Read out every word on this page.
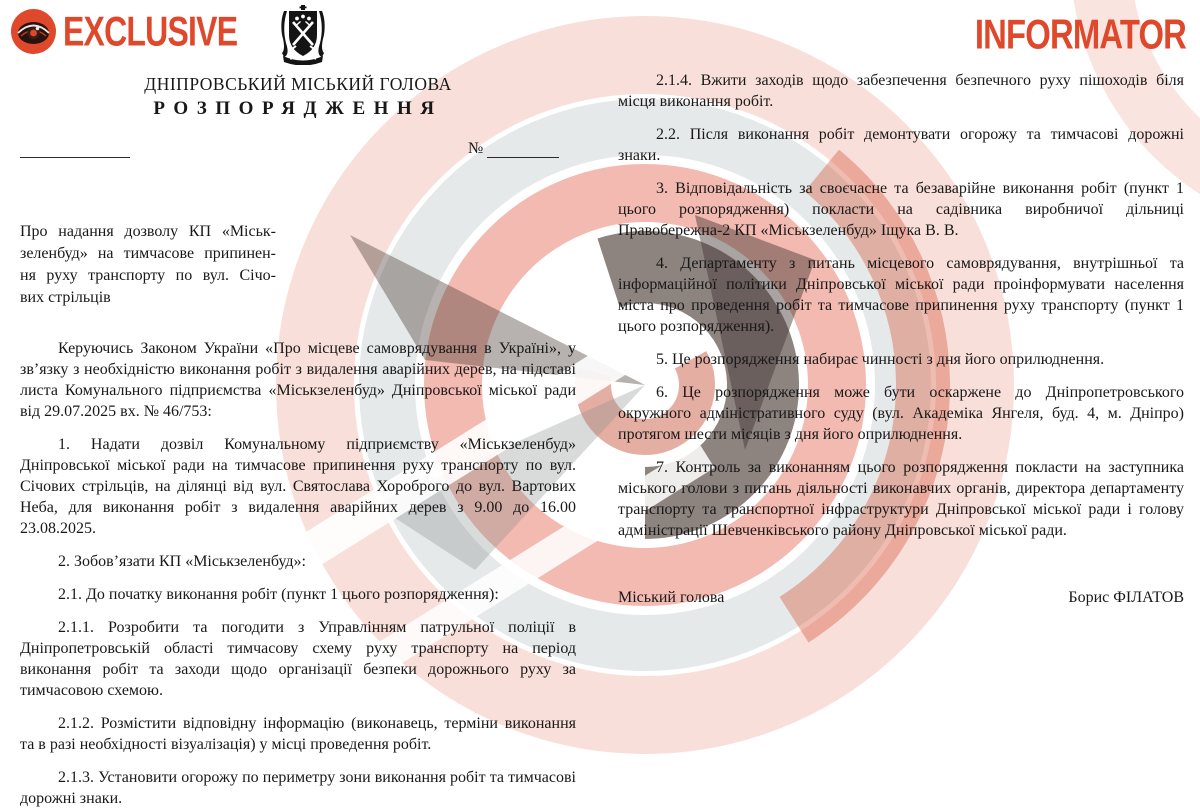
EXCLUSIVE	INFORMATOR
ДНІПРОВСЬКИЙ МІСЬКИЙ ГОЛОВА
РОЗПОРЯДЖЕННЯ
№
Про надання дозволу КП «Міськ-
зеленбуд» на тимчасове припинен-
ня руху транспорту по вул. Січо-
вих стрільців

Керуючись Законом України «Про місцеве самоврядування в Україні», у зв’язку з необхідністю виконання робіт з видалення аварійних дерев, на підставі листа Комунального підприємства «Міськзеленбуд» Дніпровської міської ради від 29.07.2025 вх. № 46/753:

1. Надати дозвіл Комунальному підприємству «Міськзеленбуд» Дніпровської міської ради на тимчасове припинення руху транспорту по вул. Січових стрільців, на ділянці від вул. Святослава Хороброго до вул. Вартових Неба, для виконання робіт з видалення аварійних дерев з 9.00 до 16.00 23.08.2025.

2. Зобов’язати КП «Міськзеленбуд»:

2.1. До початку виконання робіт (пункт 1 цього розпорядження):

2.1.1. Розробити та погодити з Управлінням патрульної поліції в Дніпропетровській області тимчасову схему руху транспорту на період виконання робіт та заходи щодо організації безпеки дорожнього руху за тимчасовою схемою.

2.1.2. Розмістити відповідну інформацію (виконавець, терміни виконання та в разі необхідності візуалізація) у місці проведення робіт.

2.1.3. Установити огорожу по периметру зони виконання робіт та тимчасові дорожні знаки.

2.1.4. Вжити заходів щодо забезпечення безпечного руху пішоходів біля місця виконання робіт.

2.2. Після виконання робіт демонтувати огорожу та тимчасові дорожні знаки.

3. Відповідальність за своєчасне та безаварійне виконання робіт (пункт 1 цього розпорядження) покласти на садівника виробничої дільниці Правобережна-2 КП «Міськзеленбуд» Іщука В. В.

4. Департаменту з питань місцевого самоврядування, внутрішньої та інформаційної політики Дніпровської міської ради проінформувати населення міста про проведення робіт та тимчасове припинення руху транспорту (пункт 1 цього розпорядження).

5. Це розпорядження набирає чинності з дня його оприлюднення.

6. Це розпорядження може бути оскаржене до Дніпропетровського окружного адміністративного суду (вул. Академіка Янгеля, буд. 4, м. Дніпро) протягом шести місяців з дня його оприлюднення.

7. Контроль за виконанням цього розпорядження покласти на заступника міського голови з питань діяльності виконавчих органів, директора департаменту транспорту та транспортної інфраструктури Дніпровської міської ради і голову адміністрації Шевченківського району Дніпровської міської ради.

Міський голова	Борис ФІЛАТОВ
